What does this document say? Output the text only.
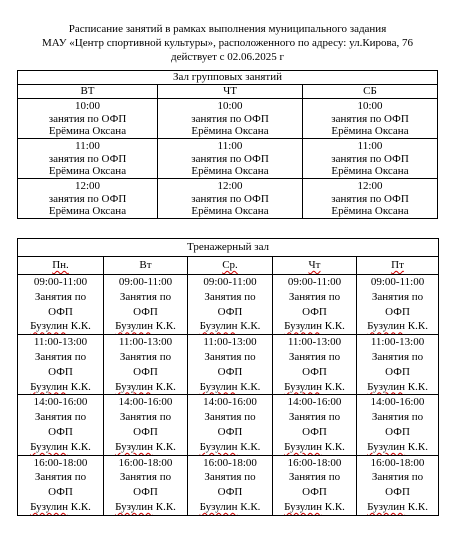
Расписание занятий в рамках выполнения муниципального задания
МАУ «Центр спортивной культуры», расположенного по адресу: ул.Кирова, 76
действует с 02.06.2025 г
Зал групповых занятий		
ВТ	ЧТ	СБ

10:00
занятия по ОФП
Ерёмина Оксана	10:00
занятия по ОФП
Ерёмина Оксана	10:00
занятия по ОФП
Ерёмина Оксана

11:00
занятия по ОФП
Ерёмина Оксана	11:00
занятия по ОФП
Ерёмина Оксана	11:00
занятия по ОФП
Ерёмина Оксана

12:00
занятия по ОФП
Ерёмина Оксана	12:00
занятия по ОФП
Ерёмина Оксана	12:00
занятия по ОФП
Ерёмина Оксана
Тренажерный зал				
Пн.	Вт	Ср.	Чт	Пт

09:00-11:00
Занятия по
ОФП
Бузулин К.К.	09:00-11:00
Занятия по
ОФП
Бузулин К.К.	09:00-11:00
Занятия по
ОФП
Бузулин К.К.	09:00-11:00
Занятия по
ОФП
Бузулин К.К.	09:00-11:00
Занятия по
ОФП
Бузулин К.К.

11:00-13:00
Занятия по
ОФП
Бузулин К.К.	11:00-13:00
Занятия по
ОФП
Бузулин К.К.	11:00-13:00
Занятия по
ОФП
Бузулин К.К.	11:00-13:00
Занятия по
ОФП
Бузулин К.К.	11:00-13:00
Занятия по
ОФП
Бузулин К.К.

14:00-16:00
Занятия по
ОФП
Бузулин К.К.	14:00-16:00
Занятия по
ОФП
Бузулин К.К.	14:00-16:00
Занятия по
ОФП
Бузулин К.К.	14:00-16:00
Занятия по
ОФП
Бузулин К.К.	14:00-16:00
Занятия по
ОФП
Бузулин К.К.

16:00-18:00
Занятия по
ОФП
Бузулин К.К.	16:00-18:00
Занятия по
ОФП
Бузулин К.К.	16:00-18:00
Занятия по
ОФП
Бузулин К.К.	16:00-18:00
Занятия по
ОФП
Бузулин К.К.	16:00-18:00
Занятия по
ОФП
Бузулин К.К.
